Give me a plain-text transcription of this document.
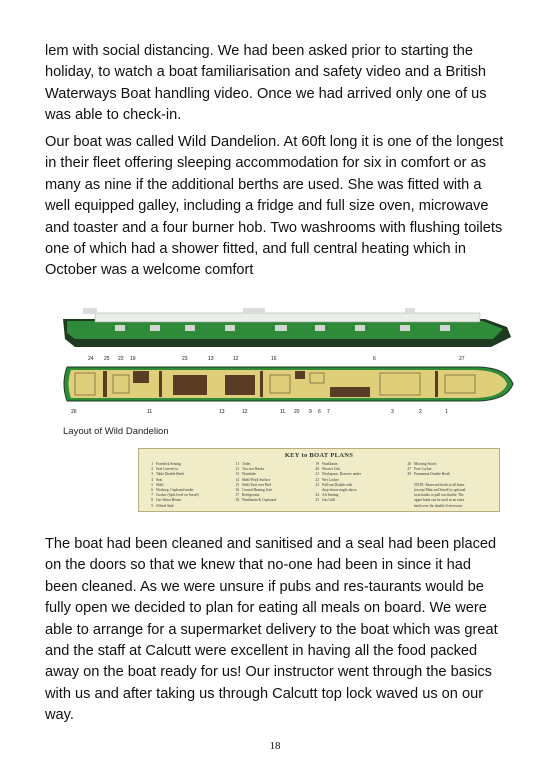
lem with social distancing. We had been asked prior to starting the holiday, to watch a boat familiarisation and safety video and a British Waterways Boat handling video. Once we had arrived only one of us was able to check-in.

Our boat was called Wild Dandelion. At 60ft long it is one of the longest in their fleet offering sleeping accommodation for six in comfort or as many as nine if the additional berths are used. She was fitted with a well equipped galley, including a fridge and full size oven, microwave and toaster and a four burner hob. Two washrooms with flushing toilets one of which had a shower fitted, and full central heating which in October was a welcome comfort

24 25 22 19	23	13	12	16	6	27
26	11	13	12	11 20 9 6 7	3	2	1
Layout of Wild Dandelion
KEY to BOAT PLANS
1 Foredeck Seating
2 Seat Convert to
3 Table Double Berth
4 Seat
5 Shelf
6 Worktop, Cupboard under
7 Cooker (Split level on Sorrel)
8 Gas Water Heater
9 S/Steel Sink
11 Toilet
12 Two tier Bunks
13 Wardrobe
14 Shelf/Work Surface
15 Shelf/Unit over Bed
16 Central Heating Unit
17 Refrigerator
18 Washbasin & Cupboard
19 Washbasin
20 Shower Unit
21 Workspace, Drawers under
22 Wet Locker
23 Pull-out Double with
drop-down single above
24 Aft Seating
25 Gas Grill
26 Mooring Stools
27 Fore Locker
28 Permanent Double Berth
NOTE: Rearward berth in all boats
(except Mint and Sorrel) is optional
twin bunks or pull out double. The
upper bunk can be used as an extra
berth over the double if necessary

The boat had been cleaned and sanitised and a seal had been placed on the doors so that we knew that no-one had been in since it had been cleaned. As we were unsure if pubs and res-taurants would be fully open we decided to plan for eating all meals on board. We were able to arrange for a supermarket delivery to the boat which was great and the staff at Calcutt were excellent in having all the food packed away on the boat ready for us! Our instructor went through the basics with us and after taking us through Calcutt top lock waved us on our way.

18
